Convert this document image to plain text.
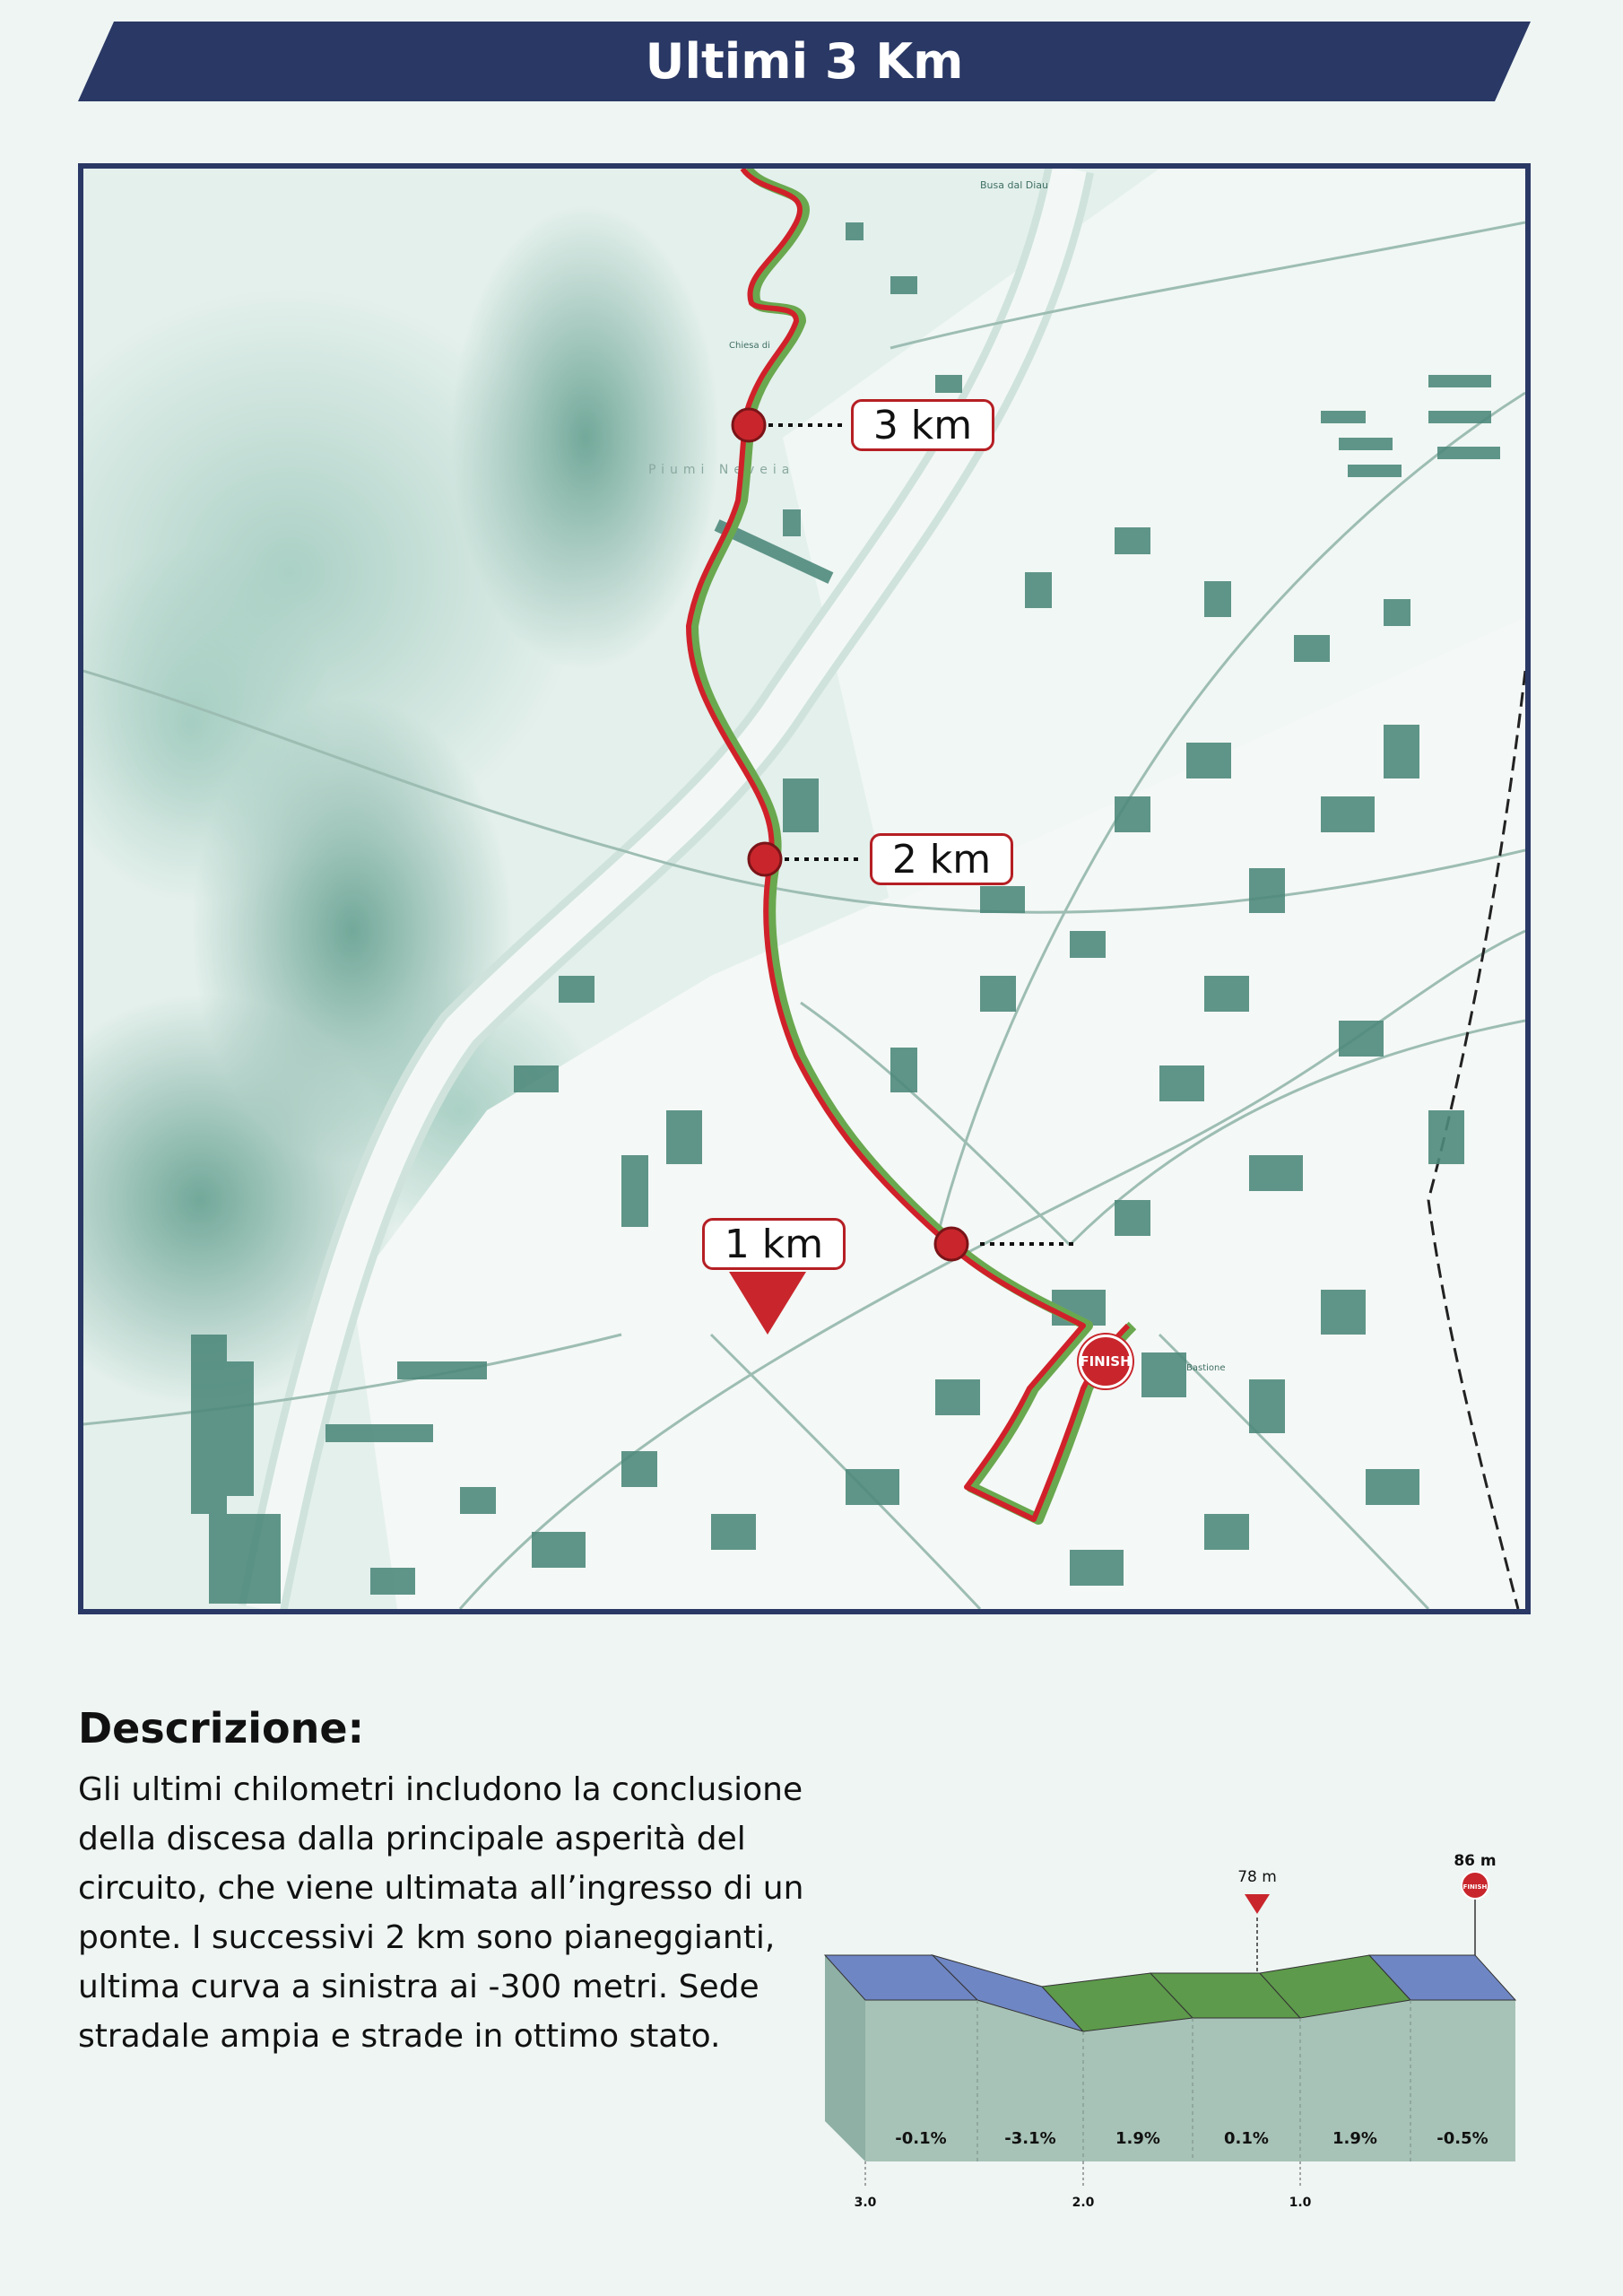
Ultimi 3 Km
Busa dal Diau
Piumi Neveia
Chiesa di
Bastione
3 km
2 km
1 km
FINISH
Descrizione:
Gli ultimi chilometri includono la conclusione della discesa dalla principale asperità del circuito, che viene ultimata all’ingresso di un ponte. I successivi 2 km sono pianeggianti, ultima curva a sinistra ai -300 metri. Sede stradale ampia e strade in ottimo stato.
-0.1%	-3.1%	1.9%	0.1%	1.9%	-0.5%
3.0	2.0	1.0
78 m
86 m
FINISH
